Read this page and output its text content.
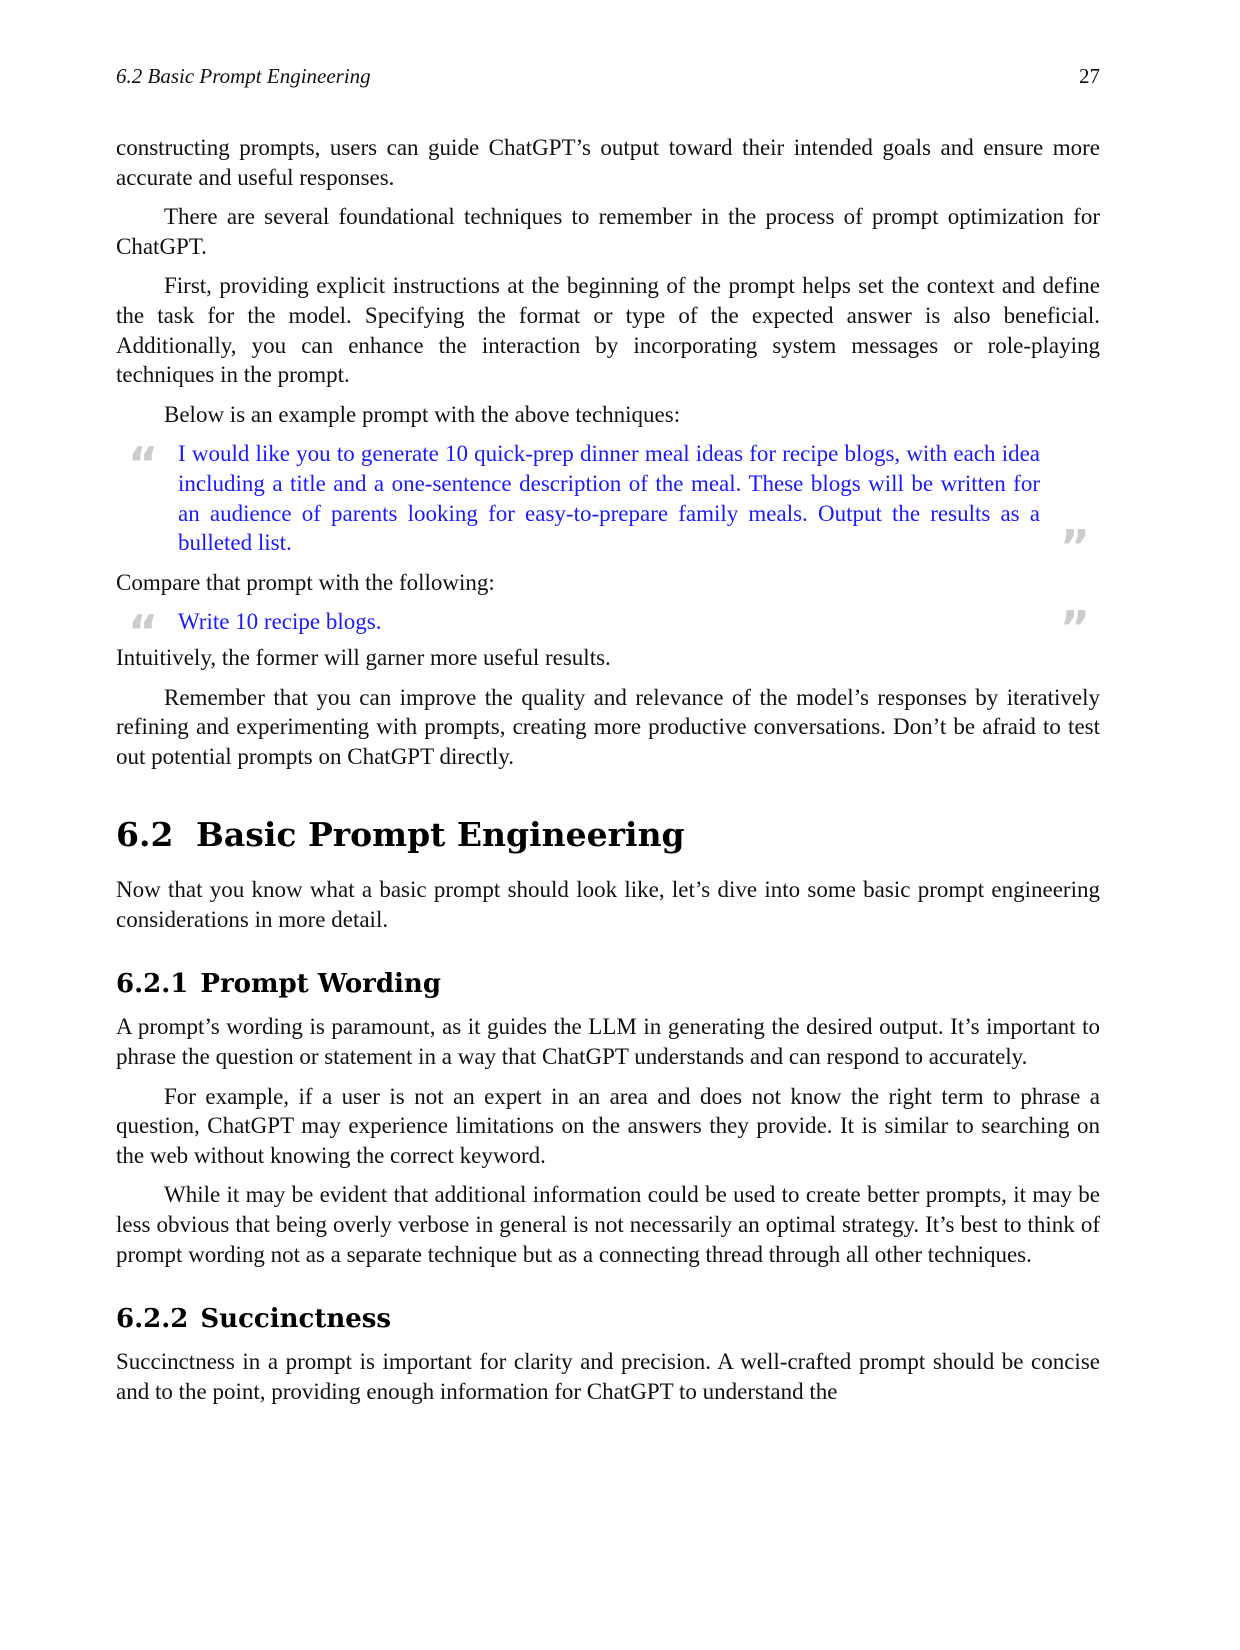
6.2 Basic Prompt Engineering	27

constructing prompts, users can guide ChatGPT’s output toward their intended goals and ensure more accurate and useful responses.

There are several foundational techniques to remember in the process of prompt optimization for ChatGPT.

First, providing explicit instructions at the beginning of the prompt helps set the context and define the task for the model. Specifying the format or type of the expected answer is also beneficial. Additionally, you can enhance the interaction by incorporating system messages or role-playing techniques in the prompt.

Below is an example prompt with the above techniques:

“ I would like you to generate 10 quick-prep dinner meal ideas for recipe blogs, with each idea including a title and a one-sentence description of the meal. These blogs will be written for an audience of parents looking for easy-to-prepare family meals. Output the results as a bulleted list.	”

Compare that prompt with the following:

“ Write 10 recipe blogs.	”

Intuitively, the former will garner more useful results.

Remember that you can improve the quality and relevance of the model’s responses by iteratively refining and experimenting with prompts, creating more productive conversations. Don’t be afraid to test out potential prompts on ChatGPT directly.

6.2 Basic Prompt Engineering

Now that you know what a basic prompt should look like, let’s dive into some basic prompt engineering considerations in more detail.

6.2.1 Prompt Wording

A prompt’s wording is paramount, as it guides the LLM in generating the desired output. It’s important to phrase the question or statement in a way that ChatGPT understands and can respond to accurately.

For example, if a user is not an expert in an area and does not know the right term to phrase a question, ChatGPT may experience limitations on the answers they provide. It is similar to searching on the web without knowing the correct keyword.

While it may be evident that additional information could be used to create better prompts, it may be less obvious that being overly verbose in general is not necessarily an optimal strategy. It’s best to think of prompt wording not as a separate technique but as a connecting thread through all other techniques.

6.2.2 Succinctness

Succinctness in a prompt is important for clarity and precision. A well-crafted prompt should be concise and to the point, providing enough information for ChatGPT to understand the
